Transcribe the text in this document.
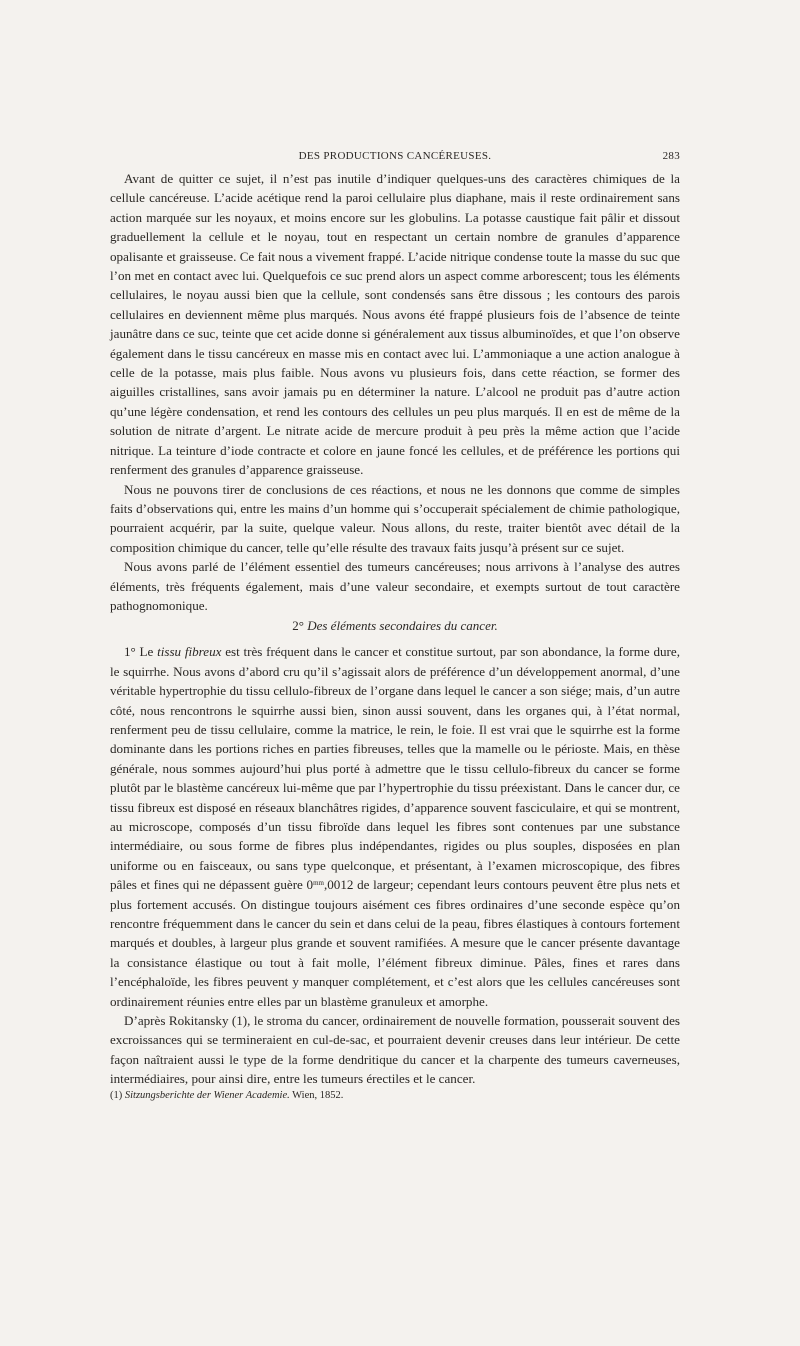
DES PRODUCTIONS CANCÉREUSES.	283

Avant de quitter ce sujet, il n’est pas inutile d’indiquer quelques-uns des caractères chimiques de la cellule cancéreuse. L’acide acétique rend la paroi cellulaire plus diaphane, mais il reste ordinairement sans action marquée sur les noyaux, et moins encore sur les globulins. La potasse caustique fait pâlir et dissout graduellement la cellule et le noyau, tout en respectant un certain nombre de granules d’apparence opalisante et graisseuse. Ce fait nous a vivement frappé. L’acide nitrique condense toute la masse du suc que l’on met en contact avec lui. Quelquefois ce suc prend alors un aspect comme arborescent; tous les éléments cellulaires, le noyau aussi bien que la cellule, sont condensés sans être dissous ; les contours des parois cellulaires en deviennent même plus marqués. Nous avons été frappé plusieurs fois de l’absence de teinte jaunâtre dans ce suc, teinte que cet acide donne si généralement aux tissus albuminoïdes, et que l’on observe également dans le tissu cancéreux en masse mis en contact avec lui. L’ammoniaque a une action analogue à celle de la potasse, mais plus faible. Nous avons vu plusieurs fois, dans cette réaction, se former des aiguilles cristallines, sans avoir jamais pu en déterminer la nature. L’alcool ne produit pas d’autre action qu’une légère condensation, et rend les contours des cellules un peu plus marqués. Il en est de même de la solution de nitrate d’argent. Le nitrate acide de mercure produit à peu près la même action que l’acide nitrique. La teinture d’iode contracte et colore en jaune foncé les cellules, et de préférence les portions qui renferment des granules d’apparence graisseuse.

Nous ne pouvons tirer de conclusions de ces réactions, et nous ne les donnons que comme de simples faits d’observations qui, entre les mains d’un homme qui s’occuperait spécialement de chimie pathologique, pourraient acquérir, par la suite, quelque valeur. Nous allons, du reste, traiter bientôt avec détail de la composition chimique du cancer, telle qu’elle résulte des travaux faits jusqu’à présent sur ce sujet.

Nous avons parlé de l’élément essentiel des tumeurs cancéreuses; nous arrivons à l’analyse des autres éléments, très fréquents également, mais d’une valeur secondaire, et exempts surtout de tout caractère pathognomonique.

2° Des éléments secondaires du cancer.

1° Le tissu fibreux est très fréquent dans le cancer et constitue surtout, par son abondance, la forme dure, le squirrhe. Nous avons d’abord cru qu’il s’agissait alors de préférence d’un développement anormal, d’une véritable hypertrophie du tissu cellulo-fibreux de l’organe dans lequel le cancer a son siége; mais, d’un autre côté, nous rencontrons le squirrhe aussi bien, sinon aussi souvent, dans les organes qui, à l’état normal, renferment peu de tissu cellulaire, comme la matrice, le rein, le foie. Il est vrai que le squirrhe est la forme dominante dans les portions riches en parties fibreuses, telles que la mamelle ou le périoste. Mais, en thèse générale, nous sommes aujourd’hui plus porté à admettre que le tissu cellulo-fibreux du cancer se forme plutôt par le blastème cancéreux lui-même que par l’hypertrophie du tissu préexistant. Dans le cancer dur, ce tissu fibreux est disposé en réseaux blanchâtres rigides, d’apparence souvent fasciculaire, et qui se montrent, au microscope, composés d’un tissu fibroïde dans lequel les fibres sont contenues par une substance intermédiaire, ou sous forme de fibres plus indépendantes, rigides ou plus souples, disposées en plan uniforme ou en faisceaux, ou sans type quelconque, et présentant, à l’examen microscopique, des fibres pâles et fines qui ne dépassent guère $0^{mm},0012$ de largeur; cependant leurs contours peuvent être plus nets et plus fortement accusés. On distingue toujours aisément ces fibres ordinaires d’une seconde espèce qu’on rencontre fréquemment dans le cancer du sein et dans celui de la peau, fibres élastiques à contours fortement marqués et doubles, à largeur plus grande et souvent ramifiées. A mesure que le cancer présente davantage la consistance élastique ou tout à fait molle, l’élément fibreux diminue. Pâles, fines et rares dans l’encéphaloïde, les fibres peuvent y manquer complétement, et c’est alors que les cellules cancéreuses sont ordinairement réunies entre elles par un blastème granuleux et amorphe.

D’après Rokitansky (1), le stroma du cancer, ordinairement de nouvelle formation, pousserait souvent des excroissances qui se termineraient en cul-de-sac, et pourraient devenir creuses dans leur intérieur. De cette façon naîtraient aussi le type de la forme dendritique du cancer et la charpente des tumeurs caverneuses, intermédiaires, pour ainsi dire, entre les tumeurs érectiles et le cancer.

(1) Sitzungsberichte der Wiener Academie. Wien, 1852.
